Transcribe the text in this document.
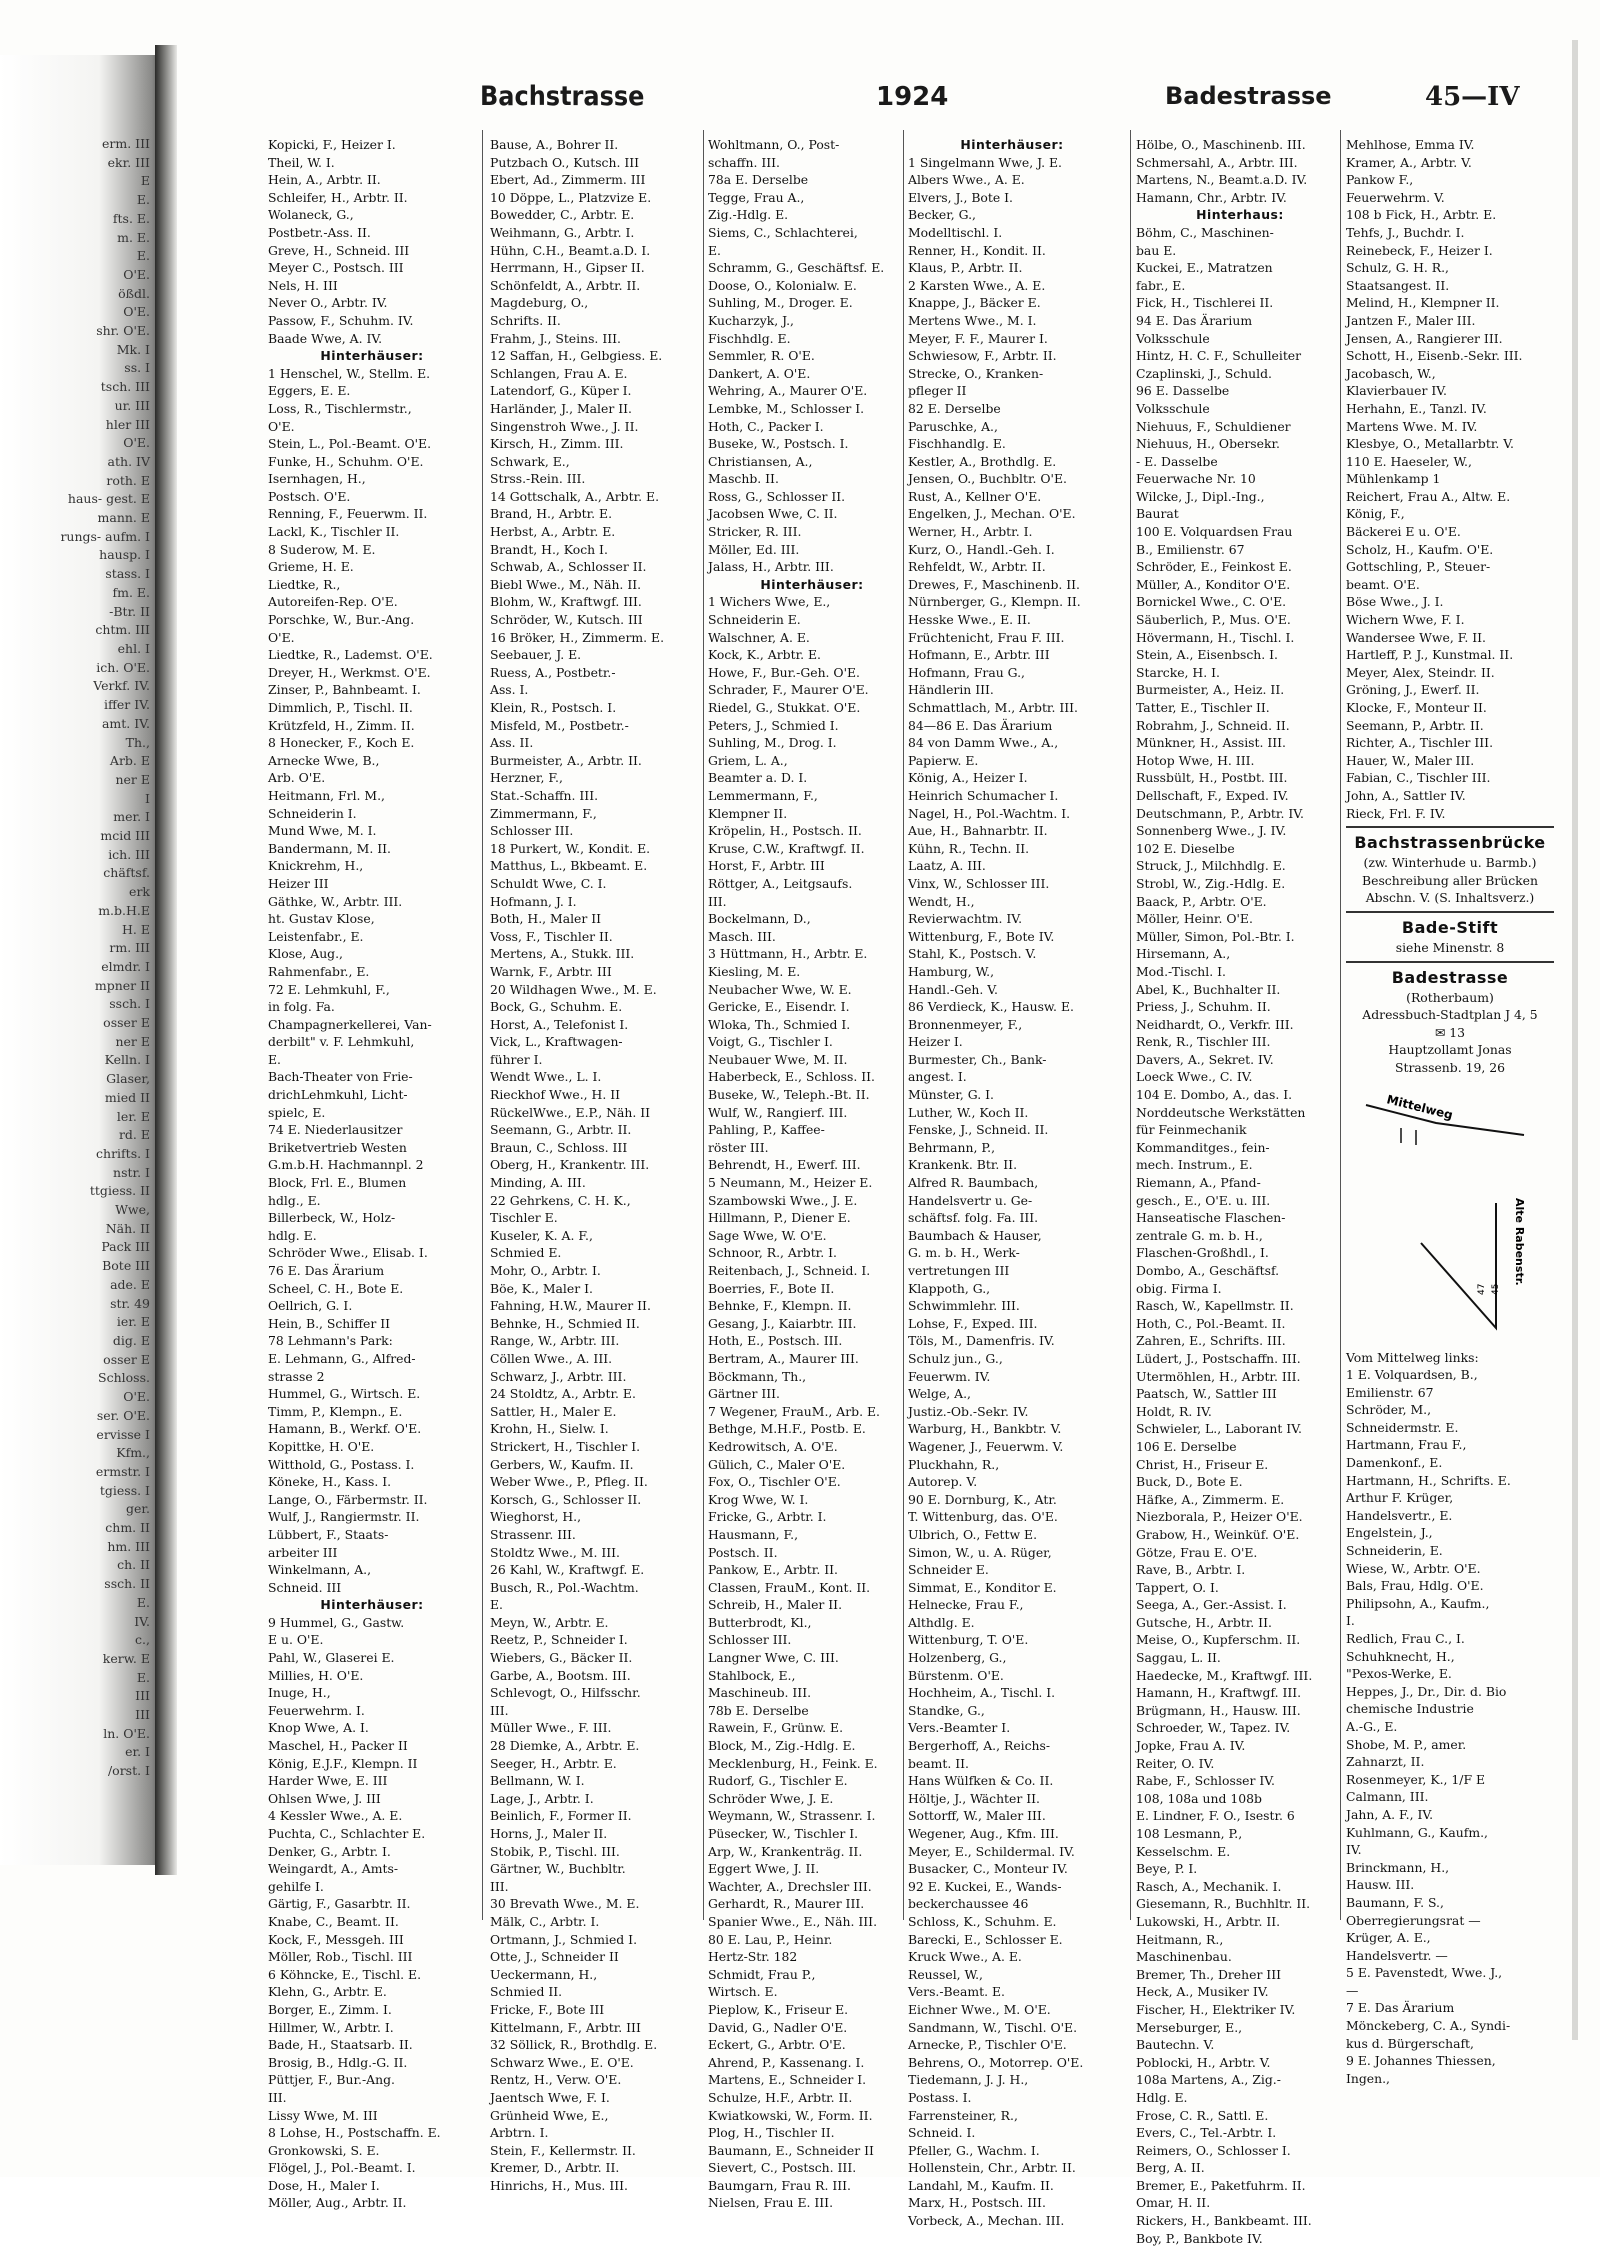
erm. III
ekr. III
E
E.
fts. E.
m. E.
E.
O'E.
ößdl.
O'E.
shr. O'E.
Mk. I
ss. I
tsch. III
ur. III
hler III
O'E.
ath. IV
roth. E
haus- gest. E
mann. E
rungs- aufm. I
hausp. I
stass. I
fm. E.
-Btr. II
chtm. III
ehl. I
ich. O'E.
Verkf. IV.
iffer IV.
amt. IV.
Th.,
Arb. E
ner E
I
mer. I
mcid III
ich. III
chäftsf.
erk
m.b.H.E
H. E
rm. III
elmdr. I
mpner II
ssch. I
osser E
ner E
Kelln. I
Glaser,
mied II
ler. E
rd. E
chrifts. I
nstr. I
ttgiess. II
Wwe,
Näh. II
Pack III
Bote III
ade. E
str. 49
ier. E
dig. E
osser E
Schloss.
O'E.
ser. O'E.
ervisse I
Kfm.,
ermstr. I
tgiess. I
ger.
chm. II
hm. III
ch. II
ssch. II
E.
IV.
c.,
kerw. E
E.
III
III
ln. O'E.
er. I
/orst. I
Bachstrasse	1924	Badestrasse	45—IV
Kopicki, F., Heizer I.
Theil, W. I.
Hein, A., Arbtr. II.
Schleifer, H., Arbtr. II.
Wolaneck, G.,
Postbetr.-Ass. II.
Greve, H., Schneid. III
Meyer C., Postsch. III
Nels, H. III
Never O., Arbtr. IV.
Passow, F., Schuhm. IV.
Baade Wwe, A. IV.
Hinterhäuser:
1 Henschel, W., Stellm. E.
Eggers, E. E.
Loss, R., Tischlermstr.,
O'E.
Stein, L., Pol.-Beamt. O'E.
Funke, H., Schuhm. O'E.
Isernhagen, H.,
Postsch. O'E.
Renning, F., Feuerwm. II.
Lackl, K., Tischler II.
8 Suderow, M. E.
Grieme, H. E.
Liedtke, R.,
Autoreifen-Rep. O'E.
Porschke, W., Bur.-Ang.
O'E.
Liedtke, R., Lademst. O'E.
Dreyer, H., Werkmst. O'E.
Zinser, P., Bahnbeamt. I.
Dimmlich, P., Tischl. II.
Krützfeld, H., Zimm. II.
8 Honecker, F., Koch E.
Arnecke Wwe, B.,
Arb. O'E.
Heitmann, Frl. M.,
Schneiderin I.
Mund Wwe, M. I.
Bandermann, M. II.
Knickrehm, H.,
Heizer III
Gäthke, W., Arbtr. III.
ht. Gustav Klose,
Leistenfabr., E.
Klose, Aug.,
Rahmenfabr., E.
72 E. Lehmkuhl, F.,
in folg. Fa.
Champagnerkellerei, Van-
derbilt" v. F. Lehmkuhl,
E.
Bach-Theater von Frie-
drichLehmkuhl, Licht-
spielc, E.
74 E. Niederlausitzer
Briketvertrieb Westen
G.m.b.H. Hachmannpl. 2
Block, Frl. E., Blumen
hdlg., E.
Billerbeck, W., Holz-
hdlg. E.
Schröder Wwe., Elisab. I.
76 E. Das Ärarium
Scheel, C. H., Bote E.
Oellrich, G. I.
Hein, B., Schiffer II
78 Lehmann's Park:
E. Lehmann, G., Alfred-
strasse 2
Hummel, G., Wirtsch. E.
Timm, P., Klempn., E.
Hamann, B., Werkf. O'E.
Kopittke, H. O'E.
Witthold, G., Postass. I.
Köneke, H., Kass. I.
Lange, O., Färbermstr. II.
Wulf, J., Rangiermstr. II.
Lübbert, F., Staats-
arbeiter III
Winkelmann, A.,
Schneid. III
Hinterhäuser:
9 Hummel, G., Gastw.
E u. O'E.
Pahl, W., Glaserei E.
Millies, H. O'E.
Inuge, H.,
Feuerwehrm. I.
Knop Wwe, A. I.
Maschel, H., Packer II
König, E.J.F., Klempn. II
Harder Wwe, E. III
Ohlsen Wwe, J. III
4 Kessler Wwe., A. E.
Puchta, C., Schlachter E.
Denker, G., Arbtr. I.
Weingardt, A., Amts-
gehilfe I.
Gärtig, F., Gasarbtr. II.
Knabe, C., Beamt. II.
Kock, F., Messgeh. III
Möller, Rob., Tischl. III
6 Köhncke, E., Tischl. E.
Klehn, G., Arbtr. E.
Borger, E., Zimm. I.
Hillmer, W., Arbtr. I.
Bade, H., Staatsarb. II.
Brosig, B., Hdlg.-G. II.
Püttjer, F., Bur.-Ang.
III.
Lissy Wwe, M. III
8 Lohse, H., Postschaffn. E.
Gronkowski, S. E.
Flögel, J., Pol.-Beamt. I.
Dose, H., Maler I.
Möller, Aug., Arbtr. II.
Bause, A., Bohrer II.
Putzbach O., Kutsch. III
Ebert, Ad., Zimmerm. III
10 Döppe, L., Platzvize E.
Bowedder, C., Arbtr. E.
Weihmann, G., Arbtr. I.
Hühn, C.H., Beamt.a.D. I.
Herrmann, H., Gipser II.
Schönfeldt, A., Arbtr. II.
Magdeburg, O.,
Schrifts. II.
Frahm, J., Steins. III.
12 Saffan, H., Gelbgiess. E.
Schlangen, Frau A. E.
Latendorf, G., Küper I.
Harländer, J., Maler II.
Singenstroh Wwe., J. II.
Kirsch, H., Zimm. III.
Schwark, E.,
Strss.-Rein. III.
14 Gottschalk, A., Arbtr. E.
Brand, H., Arbtr. E.
Herbst, A., Arbtr. E.
Brandt, H., Koch I.
Schwab, A., Schlosser II.
Biebl Wwe., M., Näh. II.
Blohm, W., Kraftwgf. III.
Schröder, W., Kutsch. III
16 Bröker, H., Zimmerm. E.
Seebauer, J. E.
Ruess, A., Postbetr.-
Ass. I.
Klein, R., Postsch. I.
Misfeld, M., Postbetr.-
Ass. II.
Burmeister, A., Arbtr. II.
Herzner, F.,
Stat.-Schaffn. III.
Zimmermann, F.,
Schlosser III.
18 Purkert, W., Kondit. E.
Matthus, L., Bkbeamt. E.
Schuldt Wwe, C. I.
Hofmann, J. I.
Both, H., Maler II
Voss, F., Tischler II.
Mertens, A., Stukk. III.
Warnk, F., Arbtr. III
20 Wildhagen Wwe., M. E.
Bock, G., Schuhm. E.
Horst, A., Telefonist I.
Vick, L., Kraftwagen-
führer I.
Wendt Wwe., L. I.
Rieckhof Wwe., H. II
RückelWwe., E.P., Näh. II
Seemann, G., Arbtr. II.
Braun, C., Schloss. III
Oberg, H., Krankentr. III.
Minding, A. III.
22 Gehrkens, C. H. K.,
Tischler E.
Kuseler, K. A. F.,
Schmied E.
Mohr, O., Arbtr. I.
Böe, K., Maler I.
Fahning, H.W., Maurer II.
Behnke, H., Schmied II.
Range, W., Arbtr. III.
Cöllen Wwe., A. III.
Schwarz, J., Arbtr. III.
24 Stoldtz, A., Arbtr. E.
Sattler, H., Maler E.
Krohn, H., Sielw. I.
Strickert, H., Tischler I.
Gerbers, W., Kaufm. II.
Weber Wwe., P., Pfleg. II.
Korsch, G., Schlosser II.
Wieghorst, H.,
Strassenr. III.
Stoldtz Wwe., M. III.
26 Kahl, W., Kraftwgf. E.
Busch, R., Pol.-Wachtm.
E.
Meyn, W., Arbtr. E.
Reetz, P., Schneider I.
Wiebers, G., Bäcker II.
Garbe, A., Bootsm. III.
Schlevogt, O., Hilfsschr.
III.
Müller Wwe., F. III.
28 Diemke, A., Arbtr. E.
Seeger, H., Arbtr. E.
Bellmann, W. I.
Lage, J., Arbtr. I.
Beinlich, F., Former II.
Horns, J., Maler II.
Stobik, P., Tischl. III.
Gärtner, W., Buchbltr.
III.
30 Brevath Wwe., M. E.
Mälk, C., Arbtr. I.
Ortmann, J., Schmied I.
Otte, J., Schneider II
Ueckermann, H.,
Schmied II.
Fricke, F., Bote III
Kittelmann, F., Arbtr. III
32 Söllick, R., Brothdlg. E.
Schwarz Wwe., E. O'E.
Rentz, H., Verw. O'E.
Jaentsch Wwe, F. I.
Grünheid Wwe, E.,
Arbtrn. I.
Stein, F., Kellermstr. II.
Kremer, D., Arbtr. II.
Hinrichs, H., Mus. III.
Wohltmann, O., Post-
schaffn. III.
78a E. Derselbe
Tegge, Frau A.,
Zig.-Hdlg. E.
Siems, C., Schlachterei,
E.
Schramm, G., Geschäftsf. E.
Doose, O., Kolonialw. E.
Suhling, M., Droger. E.
Kucharzyk, J.,
Fischhdlg. E.
Semmler, R. O'E.
Dankert, A. O'E.
Wehring, A., Maurer O'E.
Lembke, M., Schlosser I.
Hoth, C., Packer I.
Buseke, W., Postsch. I.
Christiansen, A.,
Maschb. II.
Ross, G., Schlosser II.
Jacobsen Wwe, C. II.
Stricker, R. III.
Möller, Ed. III.
Jalass, H., Arbtr. III.
Hinterhäuser:
1 Wichers Wwe, E.,
Schneiderin E.
Walschner, A. E.
Kock, K., Arbtr. E.
Howe, F., Bur.-Geh. O'E.
Schrader, F., Maurer O'E.
Riedel, G., Stukkat. O'E.
Peters, J., Schmied I.
Suhling, M., Drog. I.
Griem, L. A.,
Beamter a. D. I.
Lemmermann, F.,
Klempner II.
Kröpelin, H., Postsch. II.
Kruse, C.W., Kraftwgf. II.
Horst, F., Arbtr. III
Röttger, A., Leitgsaufs.
III.
Bockelmann, D.,
Masch. III.
3 Hüttmann, H., Arbtr. E.
Kiesling, M. E.
Neubacher Wwe, W. E.
Gericke, E., Eisendr. I.
Wloka, Th., Schmied I.
Voigt, G., Tischler I.
Neubauer Wwe, M. II.
Haberbeck, E., Schloss. II.
Buseke, W., Teleph.-Bt. II.
Wulf, W., Rangierf. III.
Pahling, P., Kaffee-
röster III.
Behrendt, H., Ewerf. III.
5 Neumann, M., Heizer E.
Szambowski Wwe., J. E.
Hillmann, P., Diener E.
Sage Wwe, W. O'E.
Schnoor, R., Arbtr. I.
Reitenbach, J., Schneid. I.
Boerries, F., Bote II.
Behnke, F., Klempn. II.
Gesang, J., Kaiarbtr. III.
Hoth, E., Postsch. III.
Bertram, A., Maurer III.
Böckmann, Th.,
Gärtner III.
7 Wegener, FrauM., Arb. E.
Bethge, M.H.F., Postb. E.
Kedrowitsch, A. O'E.
Gülich, C., Maler O'E.
Fox, O., Tischler O'E.
Krog Wwe, W. I.
Fricke, G., Arbtr. I.
Hausmann, F.,
Postsch. II.
Pankow, E., Arbtr. II.
Classen, FrauM., Kont. II.
Schreib, H., Maler II.
Butterbrodt, Kl.,
Schlosser III.
Langner Wwe, C. III.
Stahlbock, E.,
Maschineub. III.
78b E. Derselbe
Rawein, F., Grünw. E.
Block, M., Zig.-Hdlg. E.
Mecklenburg, H., Feink. E.
Rudorf, G., Tischler E.
Schröder Wwe, J. E.
Weymann, W., Strassenr. I.
Püsecker, W., Tischler I.
Arp, W., Krankenträg. II.
Eggert Wwe, J. II.
Wachter, A., Drechsler III.
Gerhardt, R., Maurer III.
Spanier Wwe., E., Näh. III.
80 E. Lau, P., Heinr.
Hertz-Str. 182
Schmidt, Frau P.,
Wirtsch. E.
Pieplow, K., Friseur E.
David, G., Nadler O'E.
Eckert, G., Arbtr. O'E.
Ahrend, P., Kassenang. I.
Martens, E., Schneider I.
Schulze, H.F., Arbtr. II.
Kwiatkowski, W., Form. II.
Plog, H., Tischler II.
Baumann, E., Schneider II
Sievert, C., Postsch. III.
Baumgarn, Frau R. III.
Nielsen, Frau E. III.
Hinterhäuser:
1 Singelmann Wwe, J. E.
Albers Wwe., A. E.
Elvers, J., Bote I.
Becker, G.,
Modelltischl. I.
Renner, H., Kondit. II.
Klaus, P., Arbtr. II.
2 Karsten Wwe., A. E.
Knappe, J., Bäcker E.
Mertens Wwe., M. I.
Meyer, F. F., Maurer I.
Schwiesow, F., Arbtr. II.
Strecke, O., Kranken-
pfleger II
82 E. Derselbe
Paruschke, A.,
Fischhandlg. E.
Kestler, A., Brothdlg. E.
Jensen, O., Buchbltr. O'E.
Rust, A., Kellner O'E.
Engelken, J., Mechan. O'E.
Werner, H., Arbtr. I.
Kurz, O., Handl.-Geh. I.
Rehfeldt, W., Arbtr. II.
Drewes, F., Maschinenb. II.
Nürnberger, G., Klempn. II.
Hesske Wwe., E. II.
Früchtenicht, Frau F. III.
Hofmann, E., Arbtr. III
Hofmann, Frau G.,
Händlerin III.
Schmattlach, M., Arbtr. III.
84—86 E. Das Ärarium
84 von Damm Wwe., A.,
Papierw. E.
König, A., Heizer I.
Heinrich Schumacher I.
Nagel, H., Pol.-Wachtm. I.
Aue, H., Bahnarbtr. II.
Kühn, R., Techn. II.
Laatz, A. III.
Vinx, W., Schlosser III.
Wendt, H.,
Revierwachtm. IV.
Wittenburg, F., Bote IV.
Stahl, K., Postsch. V.
Hamburg, W.,
Handl.-Geh. V.
86 Verdieck, K., Hausw. E.
Bronnenmeyer, F.,
Heizer I.
Burmester, Ch., Bank-
angest. I.
Münster, G. I.
Luther, W., Koch II.
Fenske, J., Schneid. II.
Behrmann, P.,
Krankenk. Btr. II.
Alfred R. Baumbach,
Handelsvertr u. Ge-
schäftsf. folg. Fa. III.
Baumbach & Hauser,
G. m. b. H., Werk-
vertretungen III
Klappoth, G.,
Schwimmlehr. III.
Lohse, F., Exped. III.
Töls, M., Damenfris. IV.
Schulz jun., G.,
Feuerwm. IV.
Welge, A.,
Justiz.-Ob.-Sekr. IV.
Warburg, H., Bankbtr. V.
Wagener, J., Feuerwm. V.
Pluckhahn, R.,
Autorep. V.
90 E. Dornburg, K., Atr.
T. Wittenburg, das. O'E.
Ulbrich, O., Fettw E.
Simon, W., u. A. Rüger,
Schneider E.
Simmat, E., Konditor E.
Helnecke, Frau F.,
Althdlg. E.
Wittenburg, T. O'E.
Holzenberg, G.,
Bürstenm. O'E.
Hochheim, A., Tischl. I.
Standke, G.,
Vers.-Beamter I.
Bergerhoff, A., Reichs-
beamt. II.
Hans Wülfken & Co. II.
Höltje, J., Wächter II.
Sottorff, W., Maler III.
Wegener, Aug., Kfm. III.
Meyer, E., Schildermal. IV.
Busacker, C., Monteur IV.
92 E. Kuckei, E., Wands-
beckerchaussee 46
Schloss, K., Schuhm. E.
Barecki, E., Schlosser E.
Kruck Wwe., A. E.
Reussel, W.,
Vers.-Beamt. E.
Eichner Wwe., M. O'E.
Sandmann, W., Tischl. O'E.
Arnecke, P., Tischler O'E.
Behrens, O., Motorrep. O'E.
Tiedemann, J. J. H.,
Postass. I.
Farrensteiner, R.,
Schneid. I.
Pfeller, G., Wachm. I.
Hollenstein, Chr., Arbtr. II.
Landahl, M., Kaufm. II.
Marx, H., Postsch. III.
Vorbeck, A., Mechan. III.
Hölbe, O., Maschinenb. III.
Schmersahl, A., Arbtr. III.
Martens, N., Beamt.a.D. IV.
Hamann, Chr., Arbtr. IV.
Hinterhaus:
Böhm, C., Maschinen-
bau E.
Kuckei, E., Matratzen
fabr., E.
Fick, H., Tischlerei II.
94 E. Das Ärarium
Volksschule
Hintz, H. C. F., Schulleiter
Czaplinski, J., Schuld.
96 E. Dasselbe
Volksschule
Niehuus, F., Schuldiener
Niehuus, H., Obersekr.
- E. Dasselbe
Feuerwache Nr. 10
Wilcke, J., Dipl.-Ing.,
Baurat
100 E. Volquardsen Frau
B., Emilienstr. 67
Schröder, E., Feinkost E.
Müller, A., Konditor O'E.
Bornickel Wwe., C. O'E.
Säuberlich, P., Mus. O'E.
Hövermann, H., Tischl. I.
Stein, A., Eisenbsch. I.
Starcke, H. I.
Burmeister, A., Heiz. II.
Tatter, E., Tischler II.
Robrahm, J., Schneid. II.
Münkner, H., Assist. III.
Hotop Wwe, H. III.
Russbült, H., Postbt. III.
Dellschaft, F., Exped. IV.
Deutschmann, P., Arbtr. IV.
Sonnenberg Wwe., J. IV.
102 E. Dieselbe
Struck, J., Milchhdlg. E.
Strobl, W., Zig.-Hdlg. E.
Baack, P., Arbtr. O'E.
Möller, Heinr. O'E.
Müller, Simon, Pol.-Btr. I.
Hirsemann, A.,
Mod.-Tischl. I.
Abel, K., Buchhalter II.
Priess, J., Schuhm. II.
Neidhardt, O., Verkfr. III.
Renk, R., Tischler III.
Davers, A., Sekret. IV.
Loeck Wwe., C. IV.
104 E. Dombo, A., das. I.
Norddeutsche Werkstätten
für Feinmechanik
Kommanditges., fein-
mech. Instrum., E.
Riemann, A., Pfand-
gesch., E., O'E. u. III.
Hanseatische Flaschen-
zentrale G. m. b. H.,
Flaschen-Großhdl., I.
Dombo, A., Geschäftsf.
obig. Firma I.
Rasch, W., Kapellmstr. II.
Hoth, C., Pol.-Beamt. II.
Zahren, E., Schrifts. III.
Lüdert, J., Postschaffn. III.
Utermöhlen, H., Arbtr. III.
Paatsch, W., Sattler III
Holdt, R. IV.
Schwieler, L., Laborant IV.
106 E. Derselbe
Christ, H., Friseur E.
Buck, D., Bote E.
Häfke, A., Zimmerm. E.
Niezborala, P., Heizer O'E.
Grabow, H., Weinküf. O'E.
Götze, Frau E. O'E.
Rave, B., Arbtr. I.
Tappert, O. I.
Seega, A., Ger.-Assist. I.
Gutsche, H., Arbtr. II.
Meise, O., Kupferschm. II.
Saggau, L. II.
Haedecke, M., Kraftwgf. III.
Hamann, H., Kraftwgf. III.
Brügmann, H., Hausw. III.
Schroeder, W., Tapez. IV.
Jopke, Frau A. IV.
Reiter, O. IV.
Rabe, F., Schlosser IV.
108, 108a und 108b
E. Lindner, F. O., Isestr. 6
108 Lesmann, P.,
Kesselschm. E.
Beye, P. I.
Rasch, A., Mechanik. I.
Giesemann, R., Buchhltr. II.
Lukowski, H., Arbtr. II.
Heitmann, R.,
Maschinenbau.
Bremer, Th., Dreher III
Heck, A., Musiker IV.
Fischer, H., Elektriker IV.
Merseburger, E.,
Bautechn. V.
Poblocki, H., Arbtr. V.
108a Martens, A., Zig.-
Hdlg. E.
Frose, C. R., Sattl. E.
Evers, C., Tel.-Arbtr. I.
Reimers, O., Schlosser I.
Berg, A. II.
Bremer, E., Paketfuhrm. II.
Omar, H. II.
Rickers, H., Bankbeamt. III.
Boy, P., Bankbote IV.
Mehlhose, Emma IV.
Kramer, A., Arbtr. V.
Pankow F.,
Feuerwehrm. V.
108 b Fick, H., Arbtr. E.
Tehfs, J., Buchdr. I.
Reinebeck, F., Heizer I.
Schulz, G. H. R.,
Staatsangest. II.
Melind, H., Klempner II.
Jantzen F., Maler III.
Jensen, A., Rangierer III.
Schott, H., Eisenb.-Sekr. III.
Jacobasch, W.,
Klavierbauer IV.
Herhahn, E., Tanzl. IV.
Martens Wwe. M. IV.
Klesbye, O., Metallarbtr. V.
110 E. Haeseler, W.,
Mühlenkamp 1
Reichert, Frau A., Altw. E.
König, F.,
Bäckerei E u. O'E.
Scholz, H., Kaufm. O'E.
Gottschling, P., Steuer-
beamt. O'E.
Böse Wwe., J. I.
Wichern Wwe, F. I.
Wandersee Wwe, F. II.
Hartleff, P. J., Kunstmal. II.
Meyer, Alex, Steindr. II.
Gröning, J., Ewerf. II.
Klocke, F., Monteur II.
Seemann, P., Arbtr. II.
Richter, A., Tischler III.
Hauer, W., Maler III.
Fabian, C., Tischler III.
John, A., Sattler IV.
Rieck, Frl. F. IV.
Bachstrassenbrücke
(zw. Winterhude u. Barmb.)
Beschreibung aller Brücken
Abschn. V. (S. Inhaltsverz.)
Bade-Stift
siehe Minenstr. 8
Badestrasse
(Rotherbaum)
Adressbuch-Stadtplan J 4, 5
✉ 13
Hauptzollamt Jonas
Strassenb. 19, 26
Mittelweg
Alte Rabenstr.
47 45
Vom Mittelweg links:
1 E. Volquardsen, B.,
Emilienstr. 67
Schröder, M.,
Schneidermstr. E.
Hartmann, Frau F.,
Damenkonf., E.
Hartmann, H., Schrifts. E.
Arthur F. Krüger,
Handelsvertr., E.
Engelstein, J.,
Schneiderin, E.
Wiese, W., Arbtr. O'E.
Bals, Frau, Hdlg. O'E.
Philipsohn, A., Kaufm.,
I.
Redlich, Frau C., I.
Schuhknecht, H.,
"Pexos-Werke, E.
Heppes, J., Dr., Dir. d. Bio
chemische Industrie
A.-G., E.
Shobe, M. P., amer.
Zahnarzt, II.
Rosenmeyer, K., 1/F E
Calmann, III.
Jahn, A. F., IV.
Kuhlmann, G., Kaufm.,
IV.
Brinckmann, H.,
Hausw. III.
Baumann, F. S.,
Oberregierungsrat —
Krüger, A. E.,
Handelsvertr. —
5 E. Pavenstedt, Wwe. J.,
—
7 E. Das Ärarium
Mönckeberg, C. A., Syndi-
kus d. Bürgerschaft,
9 E. Johannes Thiessen,
Ingen.,
